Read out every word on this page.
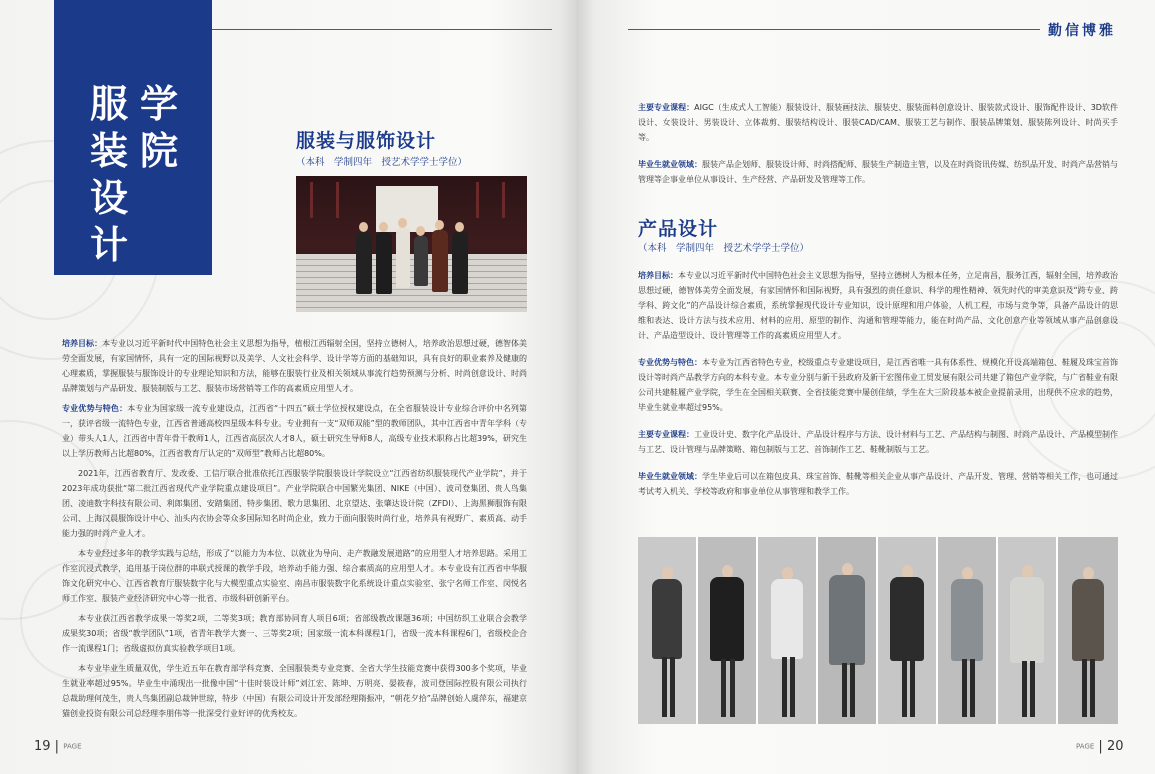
服装设计
学院	服装与服饰设计
（本科　学制四年　授艺术学学士学位）

培养目标：本专业以习近平新时代中国特色社会主义思想为指导，植根江西辐射全国，坚持立德树人，培养政治思想过硬，德智体美劳全面发展，有家国情怀，具有一定的国际视野以及美学、人文社会科学、设计学等方面的基础知识，具有良好的职业素养及健康的心理素质，掌握服装与服饰设计的专业理论知识和方法，能够在服装行业及相关领域从事流行趋势预测与分析、时尚创意设计、时尚品牌策划与产品研发、服装制版与工艺、服装市场营销等工作的高素质应用型人才。

专业优势与特色：本专业为国家级一流专业建设点，江西省“十四五”硕士学位授权建设点，在全省服装设计专业综合评价中名列第一，获评省级一流特色专业，江西省普通高校四星级本科专业。专业拥有一支“双师双能”型的教师团队，其中江西省中青年学科（专业）带头人1人，江西省中青年骨干教师1人，江西省高层次人才8人，硕士研究生导师8人，高级专业技术职称占比超39%，研究生以上学历教师占比超80%，江西省教育厅认定的“双师型”教师占比超80%。

2021年，江西省教育厅、发改委、工信厅联合批准依托江西服装学院服装设计学院设立“江西省纺织服装现代产业学院”，并于2023年成功获批“第二批江西省现代产业学院重点建设项目”。产业学院联合中国繁光集团、NIKE（中国）、波司登集团、贵人鸟集团、凌迪数字科技有限公司、利郎集团、安踏集团、特步集团、歌力思集团、北京望达、张肇达设计院（ZFDI）、上海黑狮服饰有限公司、上海汉晨服饰设计中心、汕头内衣协会等众多国际知名时尚企业，致力于面向服装时尚行业，培养具有视野广、素质高、动手能力强的时尚产业人才。

本专业经过多年的教学实践与总结，形成了“以能力为本位、以就业为导向、走产教融发展道路”的应用型人才培养思路。采用工作室沉浸式教学，追用基于岗位群的串联式授课的教学手段，培养动手能力强、综合素质高的应用型人才。本专业设有江西省中华服饰文化研究中心、江西省教育厅服装数字化与大模型重点实验室、南昌市服装数字化系统设计重点实验室、张宁名师工作室、闵悦名师工作室、服装产业经济研究中心等一批省、市级科研创新平台。

本专业获江西省教学成果一等奖2项，二等奖3项；教育部协同育人项目6项；省部级教改课题36项；中国纺织工业联合会教学成果奖30项；省级“教学团队”1项，省青年教学大赛一、三等奖2项；国家级一流本科课程1门，省级一流本科课程6门，省级校企合作一流课程1门；省级虚拟仿真实验教学项目1项。

本专业毕业生质量双优，学生近五年在教育部学科竞赛、全国服装类专业竞赛、全省大学生技能竞赛中获得300多个奖项，毕业生就业率超过95%。毕业生中涌现出一批像中国“十佳时装设计师”刘江宏、陈坤、万明亮、晏筱春，波司登国际控股有限公司执行总裁助理何茂生，贵人鸟集团副总裁钟世琼，特步（中国）有限公司设计开发部经理隋振冲，“朝花夕拾”品牌创始人虞萍东，福建京猫创业投资有限公司总经理李朋伟等一批深受行业好评的优秀校友。

19 | PAGE
勤信博雅

主要专业课程：AIGC（生成式人工智能）服装设计、服装画技法、服装史、服装面料创意设计、服装款式设计、服饰配件设计、3D软件设计、女装设计、男装设计、立体裁剪、服装结构设计、服装CAD/CAM、服装工艺与制作、服装品牌策划、服装陈列设计、时尚买手等。

毕业生就业领域：服装产品企划师、服装设计师、时尚搭配师、服装生产制造主管，以及在时尚资讯传媒、纺织品开发、时尚产品营销与管理等企事业单位从事设计、生产经营、产品研发及管理等工作。

产品设计
（本科　学制四年　授艺术学学士学位）

培养目标：本专业以习近平新时代中国特色社会主义思想为指导，坚持立德树人为根本任务，立足南昌，服务江西，辐射全国，培养政治思想过硬，德智体美劳全面发展，有家国情怀和国际视野，具有强烈的责任意识、科学的理性精神、领先时代的审美意识及“跨专业、跨学科、跨文化”的产品设计综合素质，系统掌握现代设计专业知识，设计原理和用户体验，人机工程，市场与竞争等，具备产品设计的思维和表达、设计方法与技术应用、材料的应用、原型的制作、沟通和管理等能力，能在时尚产品、文化创意产业等领域从事产品创意设计、产品造型设计、设计管理等工作的高素质应用型人才。

专业优势与特色：本专业为江西省特色专业，校级重点专业建设项目，是江西省唯一具有体系性、规模化开设高端箱包、鞋履及珠宝首饰设计等时尚产品教学方向的本科专业。本专业分别与新干县政府及新干宏图伟业工贸发展有限公司共建了箱包产业学院，与广省鞋业有限公司共建鞋履产业学院，学生在全国相关联赛、全省技能竞赛中屡创佳绩，学生在大三阶段基本被企业提前录用，出现供不应求的趋势，毕业生就业率超过95%。

主要专业课程：工业设计史、数字化产品设计、产品设计程序与方法、设计材料与工艺、产品结构与制图、时尚产品设计、产品模型制作与工艺、设计管理与品牌策略、箱包制版与工艺、首饰制作工艺、鞋靴制版与工艺。

毕业生就业领域：学生毕业后可以在箱包皮具、珠宝首饰、鞋靴等相关企业从事产品设计、产品开发、管理、营销等相关工作，也可通过考试考入机关、学校等政府和事业单位从事管理和教学工作。

PAGE | 20
